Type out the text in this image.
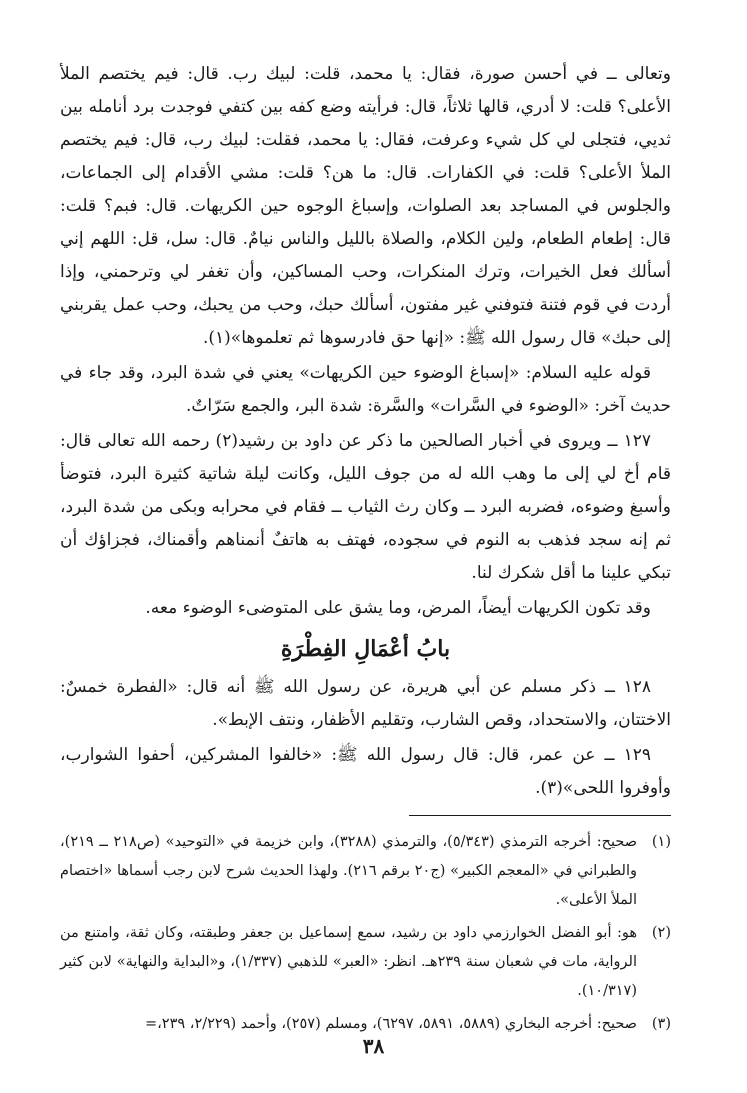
وتعالى ــ في أحسن صورة، فقال: يا محمد، قلت: لبيك رب. قال: فيم يختصم الملأ الأعلى؟ قلت: لا أدري، قالها ثلاثاً، قال: فرأيته وضع كفه بين كتفي فوجدت برد أنامله بين ثديي، فتجلى لي كل شيء وعرفت، فقال: يا محمد، فقلت: لبيك رب، قال: فيم يختصم الملأ الأعلى؟ قلت: في الكفارات. قال: ما هن؟ قلت: مشي الأقدام إلى الجماعات، والجلوس في المساجد بعد الصلوات، وإسباغ الوجوه حين الكريهات. قال: فبم؟ قلت: قال: إطعام الطعام، ولين الكلام، والصلاة بالليل والناس نيامٌ. قال: سل، قل: اللهم إني أسألك فعل الخيرات، وترك المنكرات، وحب المساكين، وأن تغفر لي وترحمني، وإذا أردت في قوم فتنة فتوفني غير مفتون، أسألك حبك، وحب من يحبك، وحب عمل يقربني إلى حبك» قال رسول الله ﷺ: «إنها حق فادرسوها ثم تعلموها»(١).

قوله عليه السلام: «إسباغ الوضوء حين الكريهات» يعني في شدة البرد، وقد جاء في حديث آخر: «الوضوء في السَّرات» والسَّرة: شدة البر، والجمع سَرّاتٌ.

١٢٧ ــ ويروى في أخبار الصالحين ما ذكر عن داود بن رشيد(٢) رحمه الله تعالى قال: قام أخ لي إلى ما وهب الله له من جوف الليل، وكانت ليلة شاتية كثيرة البرد، فتوضأ وأسبغ وضوءه، فضربه البرد ــ وكان رث الثياب ــ فقام في محرابه وبكى من شدة البرد، ثم إنه سجد فذهب به النوم في سجوده، فهتف به هاتفٌ أنمناهم وأقمناك، فجزاؤك أن تبكي علينا ما أقل شكرك لنا.

وقد تكون الكريهات أيضاً، المرض، وما يشق على المتوضىء الوضوء معه.

بابُ أعْمَالِ الفِطْرَةِ

١٢٨ ــ ذكر مسلم عن أبي هريرة، عن رسول الله ﷺ أنه قال: «الفطرة خمسٌ: الاختتان، والاستحداد، وقص الشارب، وتقليم الأظفار، ونتف الإبط».

١٢٩ ــ عن عمر، قال: قال رسول الله ﷺ: «خالفوا المشركين، أحفوا الشوارب، وأوفروا اللحى»(٣).

(١)
صحيح: أخرجه الترمذي (٥/٣٤٣)، والترمذي (٣٢٨٨)، وابن خزيمة في «التوحيد» (ص٢١٨ ــ ٢١٩)، والطبراني في «المعجم الكبير» (ج٢٠ برقم ٢١٦). ولهذا الحديث شرح لابن رجب أسماها «اختصام الملأ الأعلى».
(٢)
هو: أبو الفضل الخوارزمي داود بن رشيد، سمع إسماعيل بن جعفر وطبقته، وكان ثقة، وامتنع من الرواية، مات في شعبان سنة ٢٣٩هـ. انظر: «العبر» للذهبي (١/٣٣٧)، و«البداية والنهاية» لابن كثير (١٠/٣١٧).
(٣)
صحيح: أخرجه البخاري (٥٨٨٩، ٥٨٩١، ٦٢٩٧)، ومسلم (٢٥٧)، وأحمد (٢/٢٢٩، ٢٣٩،=
٣٨
